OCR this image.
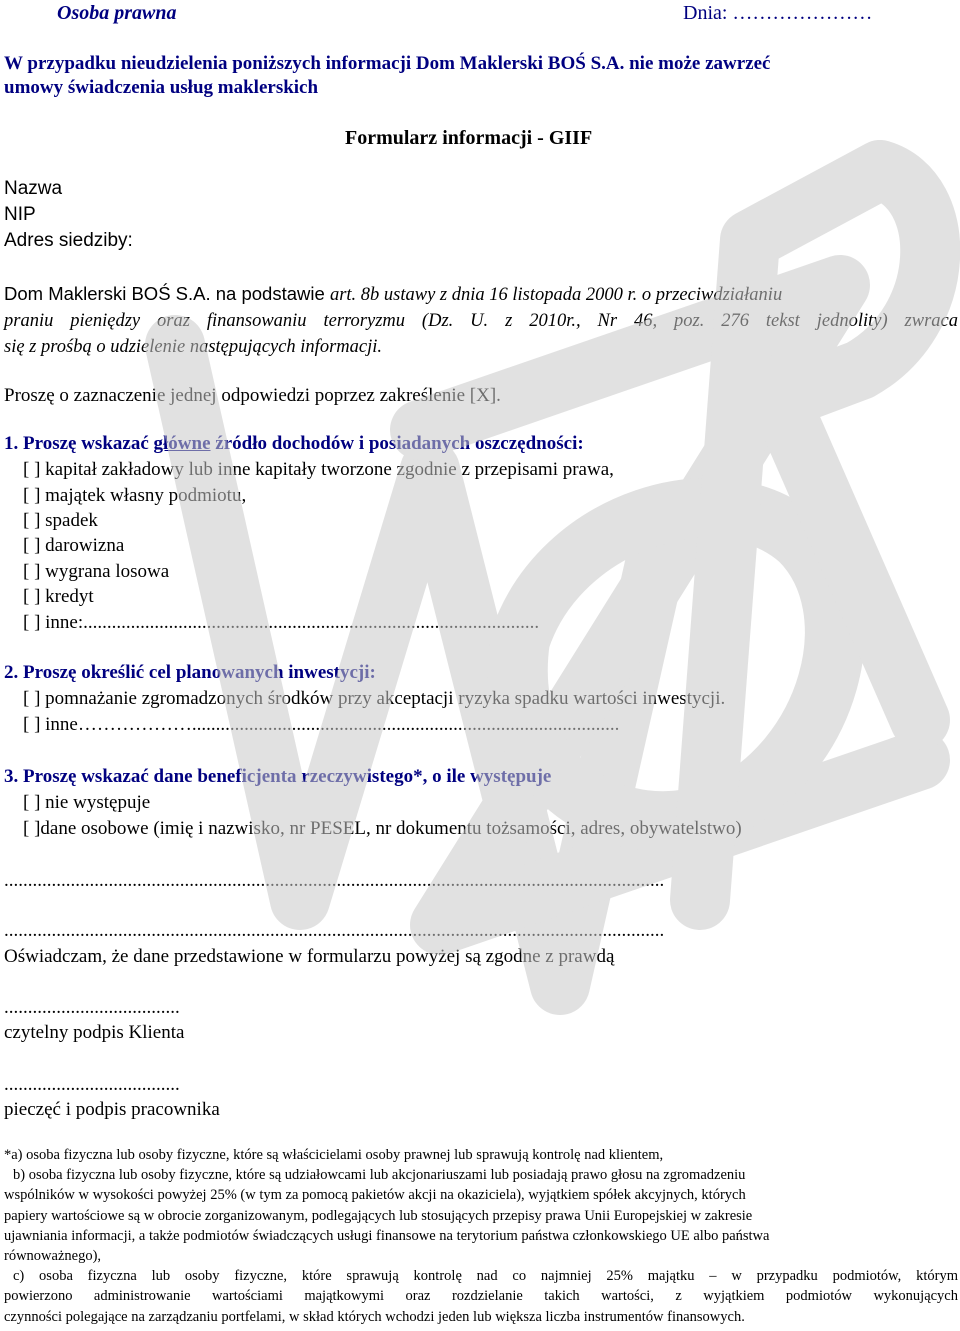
Osoba prawna	Dnia: …………………
W przypadku nieudzielenia poniższych informacji Dom Maklerski BOŚ S.A. nie może zawrzeć
umowy świadczenia usług maklerskich
Formularz informacji - GIIF
Nazwa
NIP
Adres siedziby:
Dom Maklerski BOŚ S.A. na podstawie art. 8b ustawy z dnia 16 listopada 2000 r. o przeciwdziałaniu
praniu pieniędzy oraz finansowaniu terroryzmu (Dz. U. z 2010r., Nr 46, poz. 276 tekst jednolity) zwraca
się z prośbą o udzielenie następujących informacji.
Proszę o zaznaczenie jednej odpowiedzi poprzez zakreślenie [X].
1. Proszę wskazać główne źródło dochodów i posiadanych oszczędności:
[ ] kapitał zakładowy lub inne kapitały tworzone zgodnie z przepisami prawa,
[ ] majątek własny podmiotu,
[ ] spadek
[ ] darowizna
[ ] wygrana losowa
[ ] kredyt
[ ] inne:................................................................................................
2. Proszę określić cel planowanych inwestycji:
[ ] pomnażanie zgromadzonych środków przy akceptacji ryzyka spadku wartości inwestycji.
[ ] inne………………..........................................................................................
3. Proszę wskazać dane beneficjenta rzeczywistego*, o ile występuje
[ ] nie występuje
[ ]dane osobowe (imię i nazwisko, nr PESEL, nr dokumentu tożsamości, adres, obywatelstwo)
...........................................................................................................................................
...........................................................................................................................................
Oświadczam, że dane przedstawione w formularzu powyżej są zgodne z prawdą
.....................................
czytelny podpis Klienta
.....................................
pieczęć i podpis pracownika
*a) osoba fizyczna lub osoby fizyczne, które są właścicielami osoby prawnej lub sprawują kontrolę nad klientem,
b) osoba fizyczna lub osoby fizyczne, które są udziałowcami lub akcjonariuszami lub posiadają prawo głosu na zgromadzeniu
wspólników w wysokości powyżej 25% (w tym za pomocą pakietów akcji na okaziciela), wyjątkiem spółek akcyjnych, których
papiery wartościowe są w obrocie zorganizowanym, podlegających lub stosujących przepisy prawa Unii Europejskiej w zakresie
ujawniania informacji, a także podmiotów świadczących usługi finansowe na terytorium państwa członkowskiego UE albo państwa
równoważnego),
c) osoba fizyczna lub osoby fizyczne, które sprawują kontrolę nad co najmniej 25% majątku – w przypadku podmiotów, którym
powierzono administrowanie wartościami majątkowymi oraz rozdzielanie takich wartości, z wyjątkiem podmiotów wykonujących
czynności polegające na zarządzaniu portfelami, w skład których wchodzi jeden lub większa liczba instrumentów finansowych.
